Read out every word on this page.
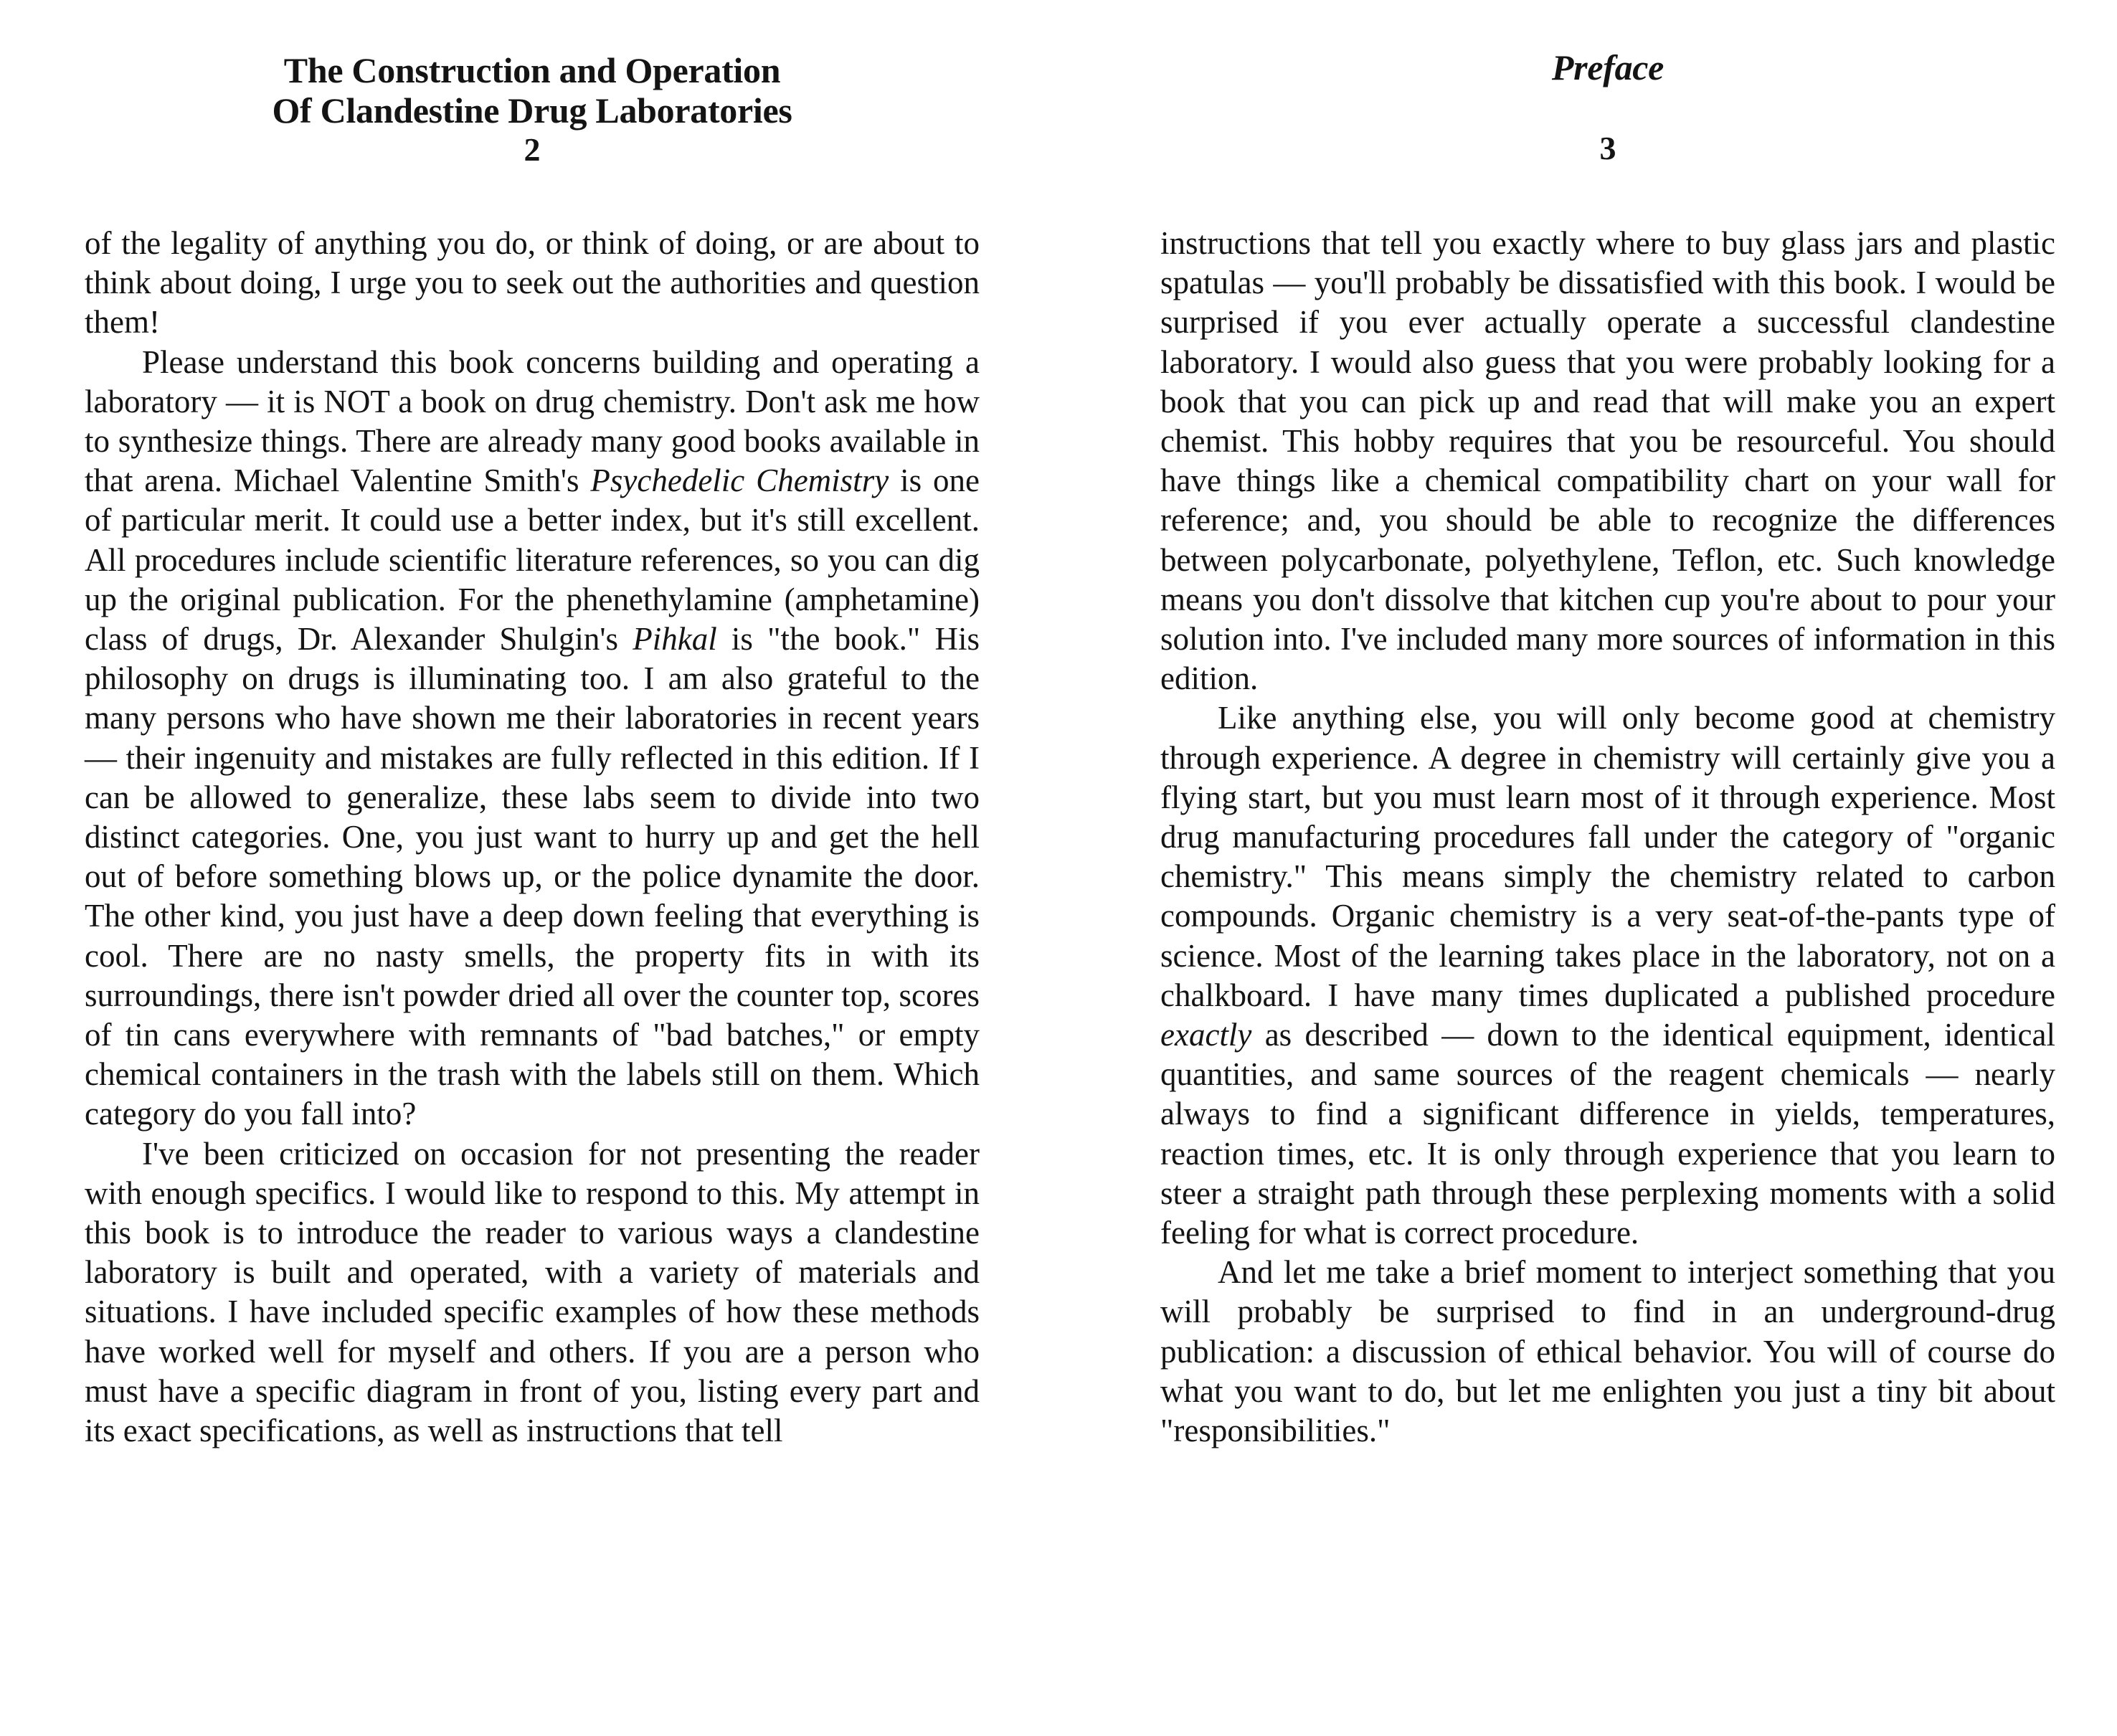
The Construction and Operation
Of Clandestine Drug Laboratories
2

of the legality of anything you do, or think of doing, or are about to think about doing, I urge you to seek out the authorities and question them!

Please understand this book concerns building and operating a laboratory — it is NOT a book on drug chemistry. Don't ask me how to synthesize things. There are already many good books available in that arena. Michael Valentine Smith's Psychedelic Chemistry is one of particular merit. It could use a better index, but it's still excellent. All procedures include scientific literature references, so you can dig up the original publication. For the phenethylamine (amphetamine) class of drugs, Dr. Alexander Shulgin's Pihkal is "the book." His philosophy on drugs is illuminating too. I am also grateful to the many persons who have shown me their laboratories in recent years — their ingenuity and mistakes are fully reflected in this edition. If I can be allowed to generalize, these labs seem to divide into two distinct categories. One, you just want to hurry up and get the hell out of before something blows up, or the police dynamite the door. The other kind, you just have a deep down feeling that everything is cool. There are no nasty smells, the property fits in with its surroundings, there isn't powder dried all over the counter top, scores of tin cans everywhere with remnants of "bad batches," or empty chemical containers in the trash with the labels still on them. Which category do you fall into?

I've been criticized on occasion for not presenting the reader with enough specifics. I would like to respond to this. My attempt in this book is to introduce the reader to various ways a clandestine laboratory is built and operated, with a variety of materials and situations. I have included specific examples of how these methods have worked well for myself and others. If you are a person who must have a specific diagram in front of you, listing every part and its exact specifications, as well as instructions that tell

Preface
3

instructions that tell you exactly where to buy glass jars and plastic spatulas — you'll probably be dissatisfied with this book. I would be surprised if you ever actually operate a successful clandestine laboratory. I would also guess that you were probably looking for a book that you can pick up and read that will make you an expert chemist. This hobby requires that you be resourceful. You should have things like a chemical compatibility chart on your wall for reference; and, you should be able to recognize the differences between polycarbonate, polyethylene, Teflon, etc. Such knowledge means you don't dissolve that kitchen cup you're about to pour your solution into. I've included many more sources of information in this edition.

Like anything else, you will only become good at chemistry through experience. A degree in chemistry will certainly give you a flying start, but you must learn most of it through experience. Most drug manufacturing procedures fall under the category of "organic chemistry." This means simply the chemistry related to carbon compounds. Organic chemistry is a very seat-of-the-pants type of science. Most of the learning takes place in the laboratory, not on a chalkboard. I have many times duplicated a published procedure exactly as described — down to the identical equipment, identical quantities, and same sources of the reagent chemicals — nearly always to find a significant difference in yields, temperatures, reaction times, etc. It is only through experience that you learn to steer a straight path through these perplexing moments with a solid feeling for what is correct procedure.

And let me take a brief moment to interject something that you will probably be surprised to find in an underground-drug publication: a discussion of ethical behavior. You will of course do what you want to do, but let me enlighten you just a tiny bit about "responsibilities."
